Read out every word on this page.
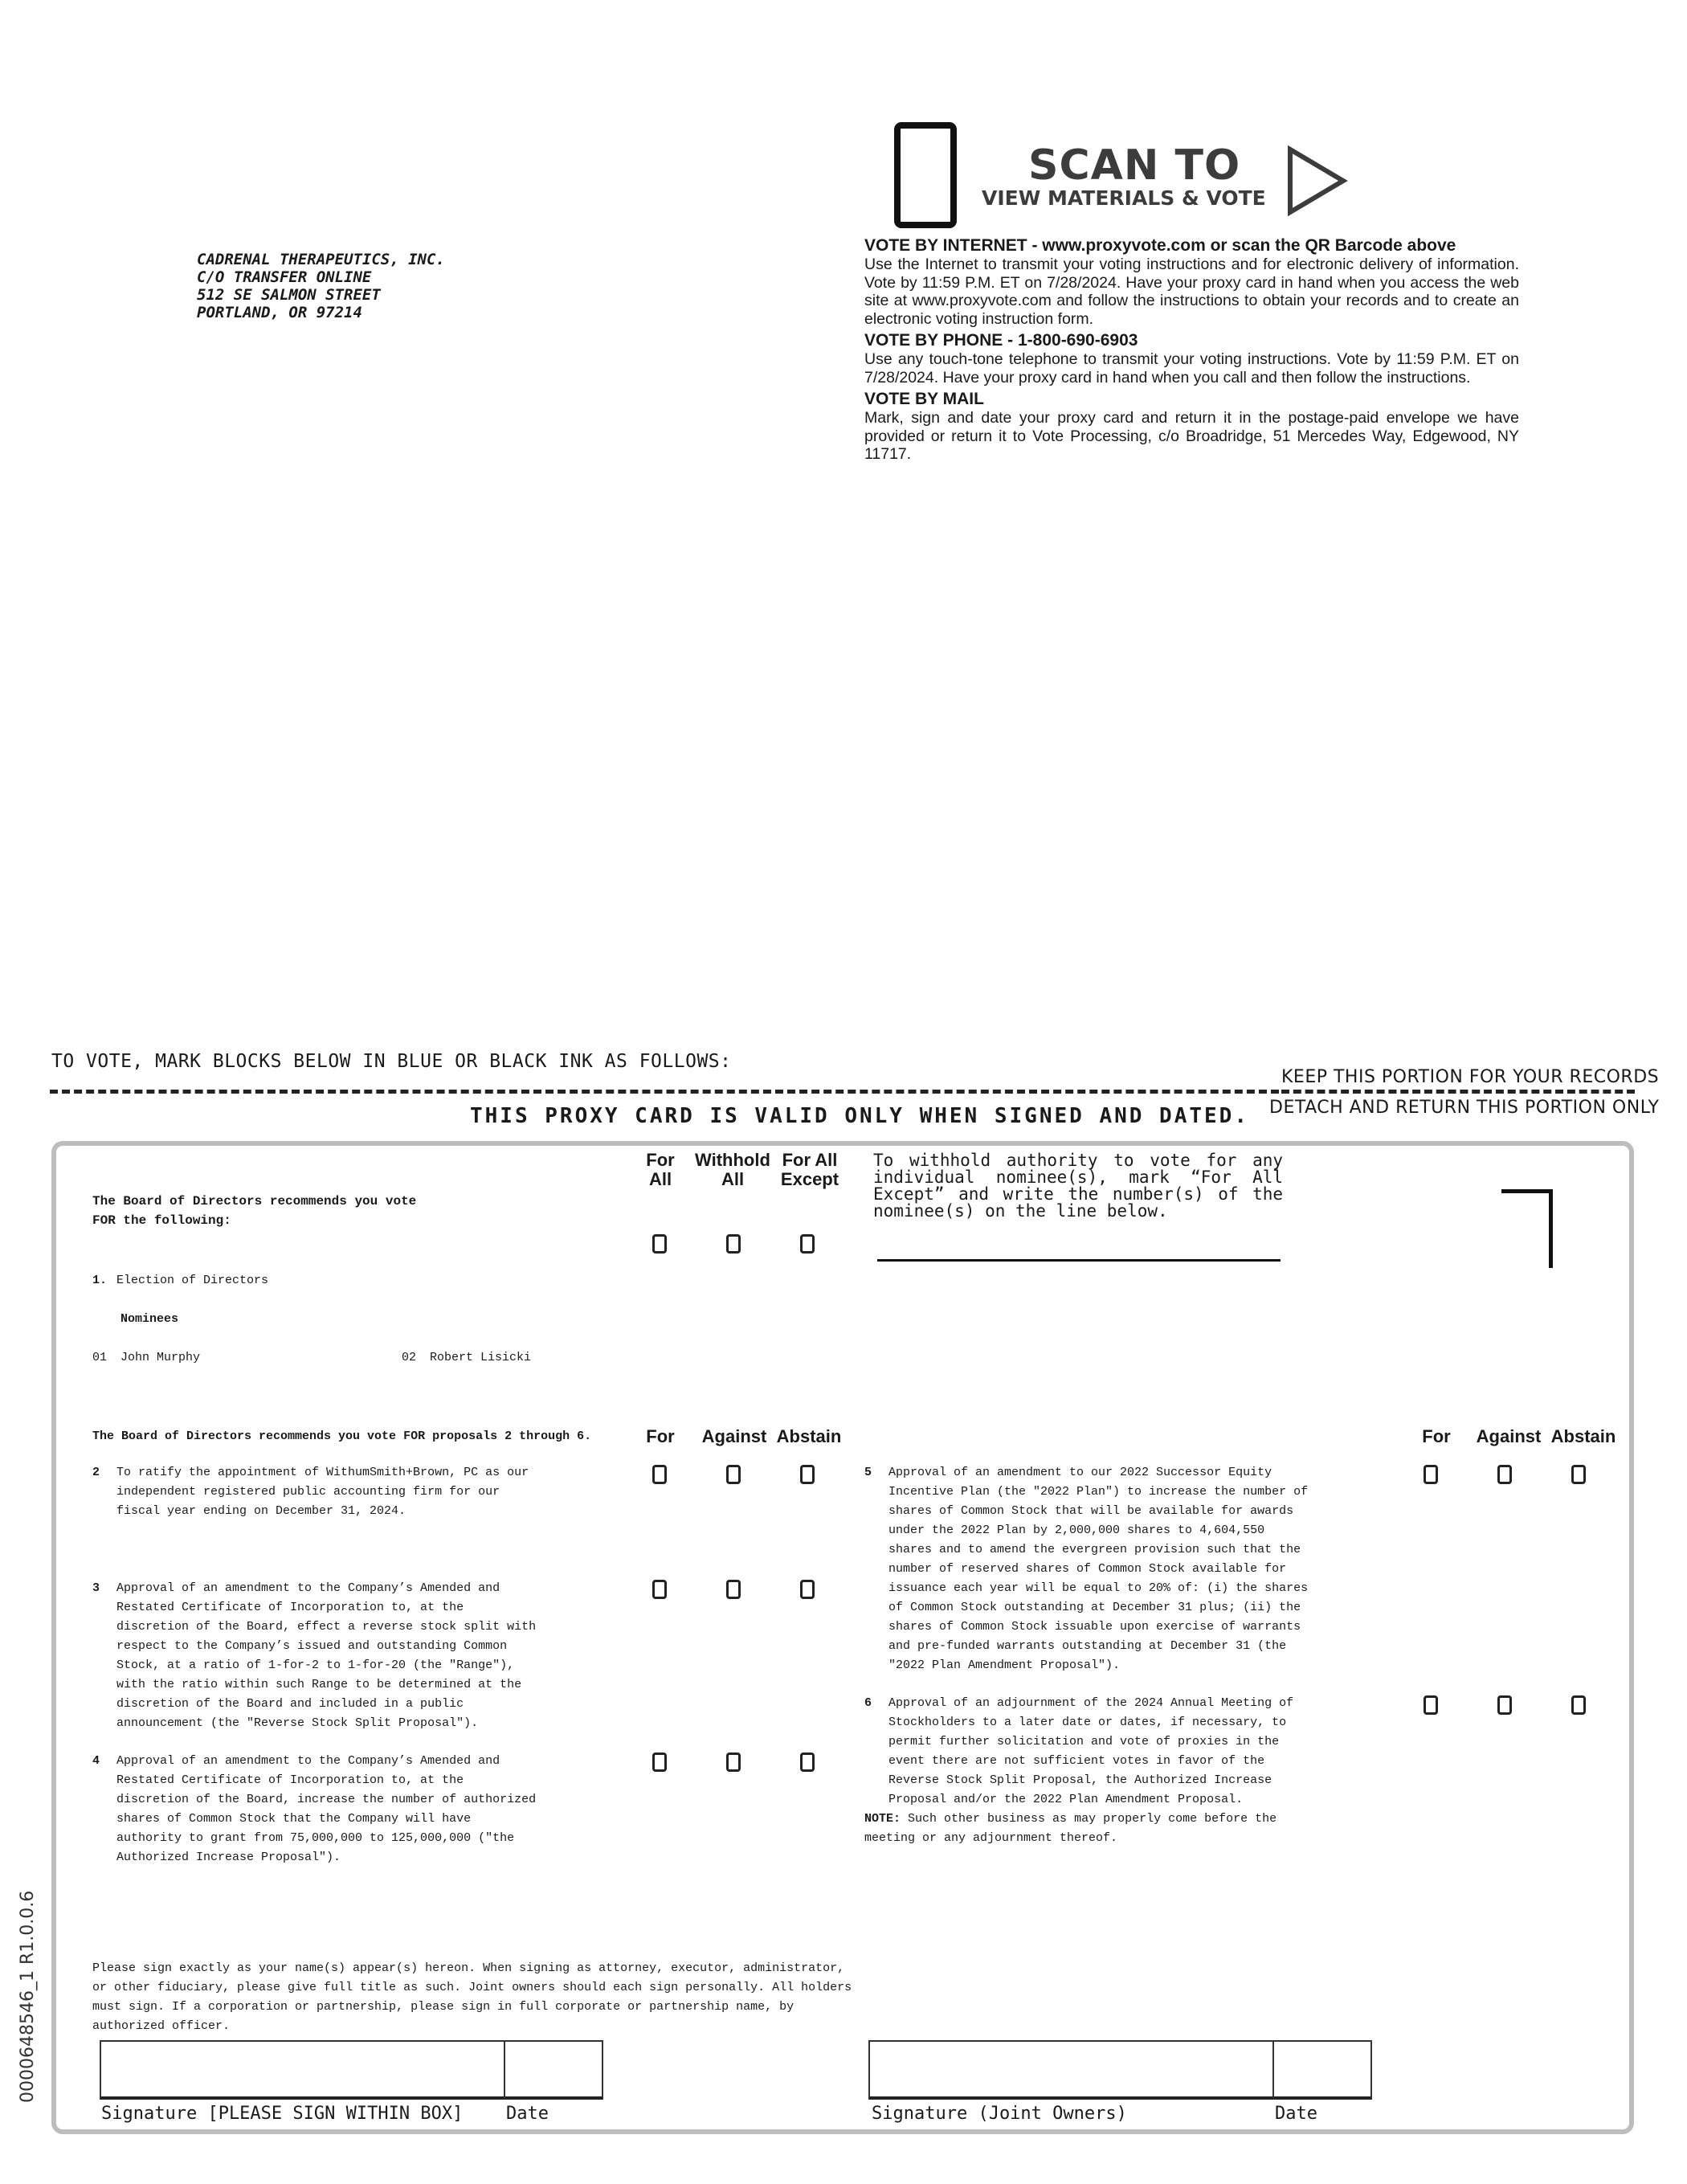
CADRENAL THERAPEUTICS, INC.
C/O TRANSFER ONLINE
512 SE SALMON STREET
PORTLAND, OR 97214
SCAN TO
VIEW MATERIALS & VOTE
VOTE BY INTERNET - www.proxyvote.com or scan the QR Barcode above

Use the Internet to transmit your voting instructions and for electronic delivery of information. Vote by 11:59 P.M. ET on 7/28/2024. Have your proxy card in hand when you access the web site at www.proxyvote.com and follow the instructions to obtain your records and to create an electronic voting instruction form.

VOTE BY PHONE - 1-800-690-6903

Use any touch-tone telephone to transmit your voting instructions. Vote by 11:59 P.M. ET on 7/28/2024. Have your proxy card in hand when you call and then follow the instructions.

VOTE BY MAIL

Mark, sign and date your proxy card and return it in the postage-paid envelope we have provided or return it to Vote Processing, c/o Broadridge, 51 Mercedes Way, Edgewood, NY 11717.

TO VOTE, MARK BLOCKS BELOW IN BLUE OR BLACK INK AS FOLLOWS:
KEEP THIS PORTION FOR YOUR RECORDS
DETACH AND RETURN THIS PORTION ONLY
THIS PROXY CARD IS VALID ONLY WHEN SIGNED AND DATED.
For All
Withhold All
For All Except
To withhold authority to vote for any individual nominee(s), mark “For All Except” and write the number(s) of the nominee(s) on the line below.
The Board of Directors recommends you vote FOR the following:
1. Election of Directors
Nominees
01 John Murphy	02 Robert Lisicki
The Board of Directors recommends you vote FOR proposals 2 through 6.	For	Against Abstain	For	Against Abstain
2 To ratify the appointment of WithumSmith+Brown, PC as our independent registered public accounting firm for our fiscal year ending on December 31, 2024.
3 Approval of an amendment to the Company’s Amended and Restated Certificate of Incorporation to, at the discretion of the Board, effect a reverse stock split with respect to the Company’s issued and outstanding Common Stock, at a ratio of 1-for-2 to 1-for-20 (the "Range"), with the ratio within such Range to be determined at the discretion of the Board and included in a public announcement (the "Reverse Stock Split Proposal").
4 Approval of an amendment to the Company’s Amended and Restated Certificate of Incorporation to, at the discretion of the Board, increase the number of authorized shares of Common Stock that the Company will have authority to grant from 75,000,000 to 125,000,000 ("the Authorized Increase Proposal").
5 Approval of an amendment to our 2022 Successor Equity Incentive Plan (the "2022 Plan") to increase the number of shares of Common Stock that will be available for awards under the 2022 Plan by 2,000,000 shares to 4,604,550 shares and to amend the evergreen provision such that the number of reserved shares of Common Stock available for issuance each year will be equal to 20% of: (i) the shares of Common Stock outstanding at December 31 plus; (ii) the shares of Common Stock issuable upon exercise of warrants and pre-funded warrants outstanding at December 31 (the "2022 Plan Amendment Proposal").
6 Approval of an adjournment of the 2024 Annual Meeting of Stockholders to a later date or dates, if necessary, to permit further solicitation and vote of proxies in the event there are not sufficient votes in favor of the Reverse Stock Split Proposal, the Authorized Increase Proposal and/or the 2022 Plan Amendment Proposal.
NOTE: Such other business as may properly come before the meeting or any adjournment thereof.
Please sign exactly as your name(s) appear(s) hereon. When signing as attorney, executor, administrator, or other fiduciary, please give full title as such. Joint owners should each sign personally. All holders must sign. If a corporation or partnership, please sign in full corporate or partnership name, by authorized officer.
Signature [PLEASE SIGN WITHIN BOX] Date	Signature (Joint Owners)	Date
0000648546_1 R1.0.0.6
